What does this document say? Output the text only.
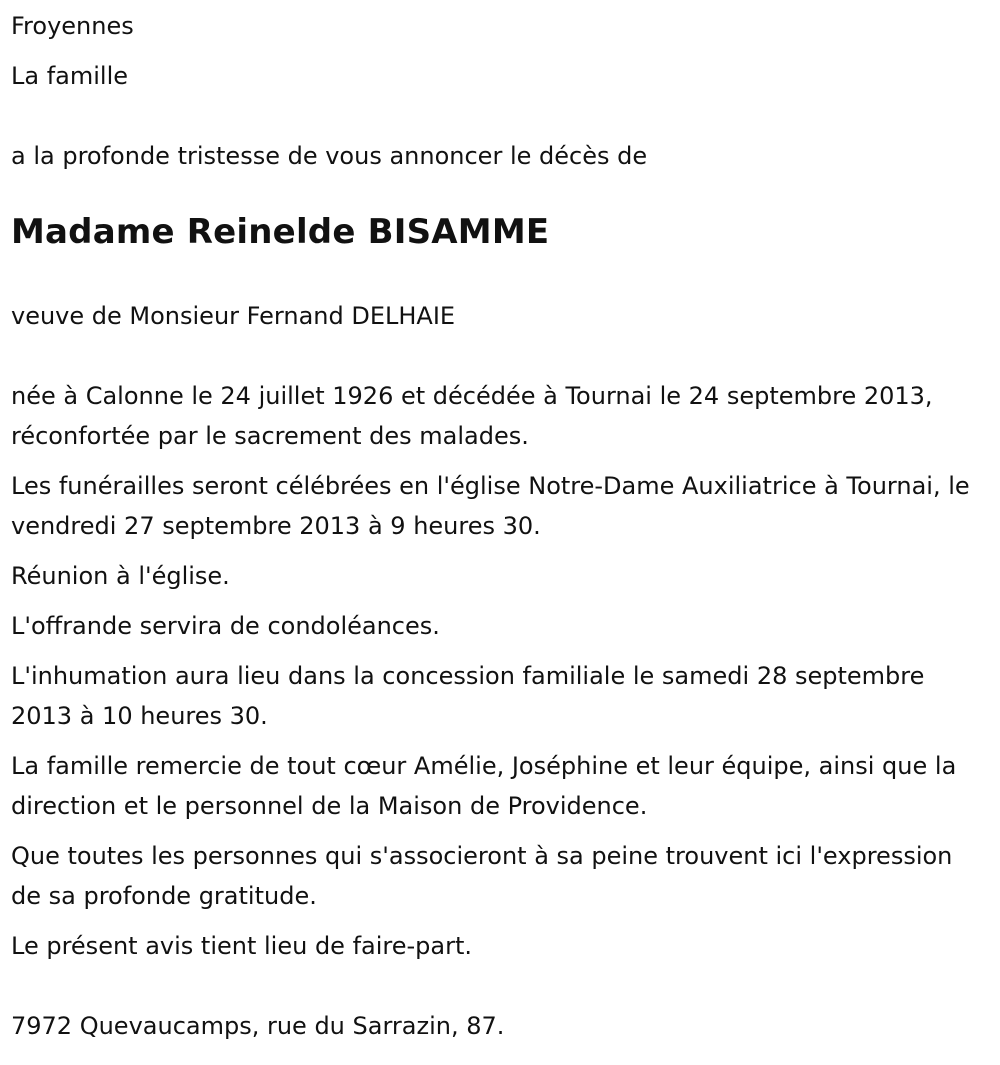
Froyennes

La famille

a la profonde tristesse de vous annoncer le décès de

Madame Reinelde BISAMME

veuve de Monsieur Fernand DELHAIE

née à Calonne le 24 juillet 1926 et décédée à Tournai le 24 septembre 2013, réconfortée par le sacrement des malades.

Les funérailles seront célébrées en l'église Notre-Dame Auxiliatrice à Tournai, le vendredi 27 septembre 2013 à 9 heures 30.

Réunion à l'église.

L'offrande servira de condoléances.

L'inhumation aura lieu dans la concession familiale le samedi 28 septembre 2013 à 10 heures 30.

La famille remercie de tout cœur Amélie, Joséphine et leur équipe, ainsi que la direction et le personnel de la Maison de Providence.

Que toutes les personnes qui s'associeront à sa peine trouvent ici l'expression de sa profonde gratitude.

Le présent avis tient lieu de faire-part.

7972 Quevaucamps, rue du Sarrazin, 87.
